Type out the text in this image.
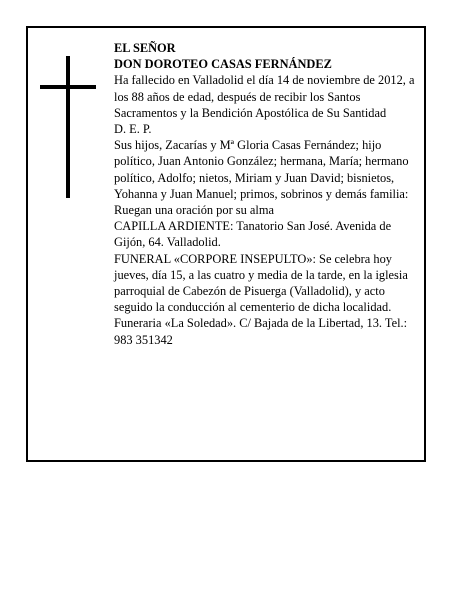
EL SEÑOR
DON DOROTEO CASAS FERNÁNDEZ
Ha fallecido en Valladolid el día 14 de noviembre de 2012, a los 88 años de edad, después de recibir los Santos Sacramentos y la Bendición Apostólica de Su Santidad
D. E. P.
Sus hijos, Zacarías y Mª Gloria Casas Fernández; hijo político, Juan Antonio González; hermana, María; hermano político, Adolfo; nietos, Miriam y Juan David; bisnietos, Yohanna y Juan Manuel; primos, sobrinos y demás familia:
Ruegan una oración por su alma
CAPILLA ARDIENTE: Tanatorio San José. Avenida de Gijón, 64. Valladolid.
FUNERAL «CORPORE INSEPULTO»: Se celebra hoy jueves, día 15, a las cuatro y media de la tarde, en la iglesia parroquial de Cabezón de Pisuerga (Valladolid), y acto seguido la conducción al cementerio de dicha localidad.
Funeraria «La Soledad». C/ Bajada de la Libertad, 13. Tel.: 983 351342
